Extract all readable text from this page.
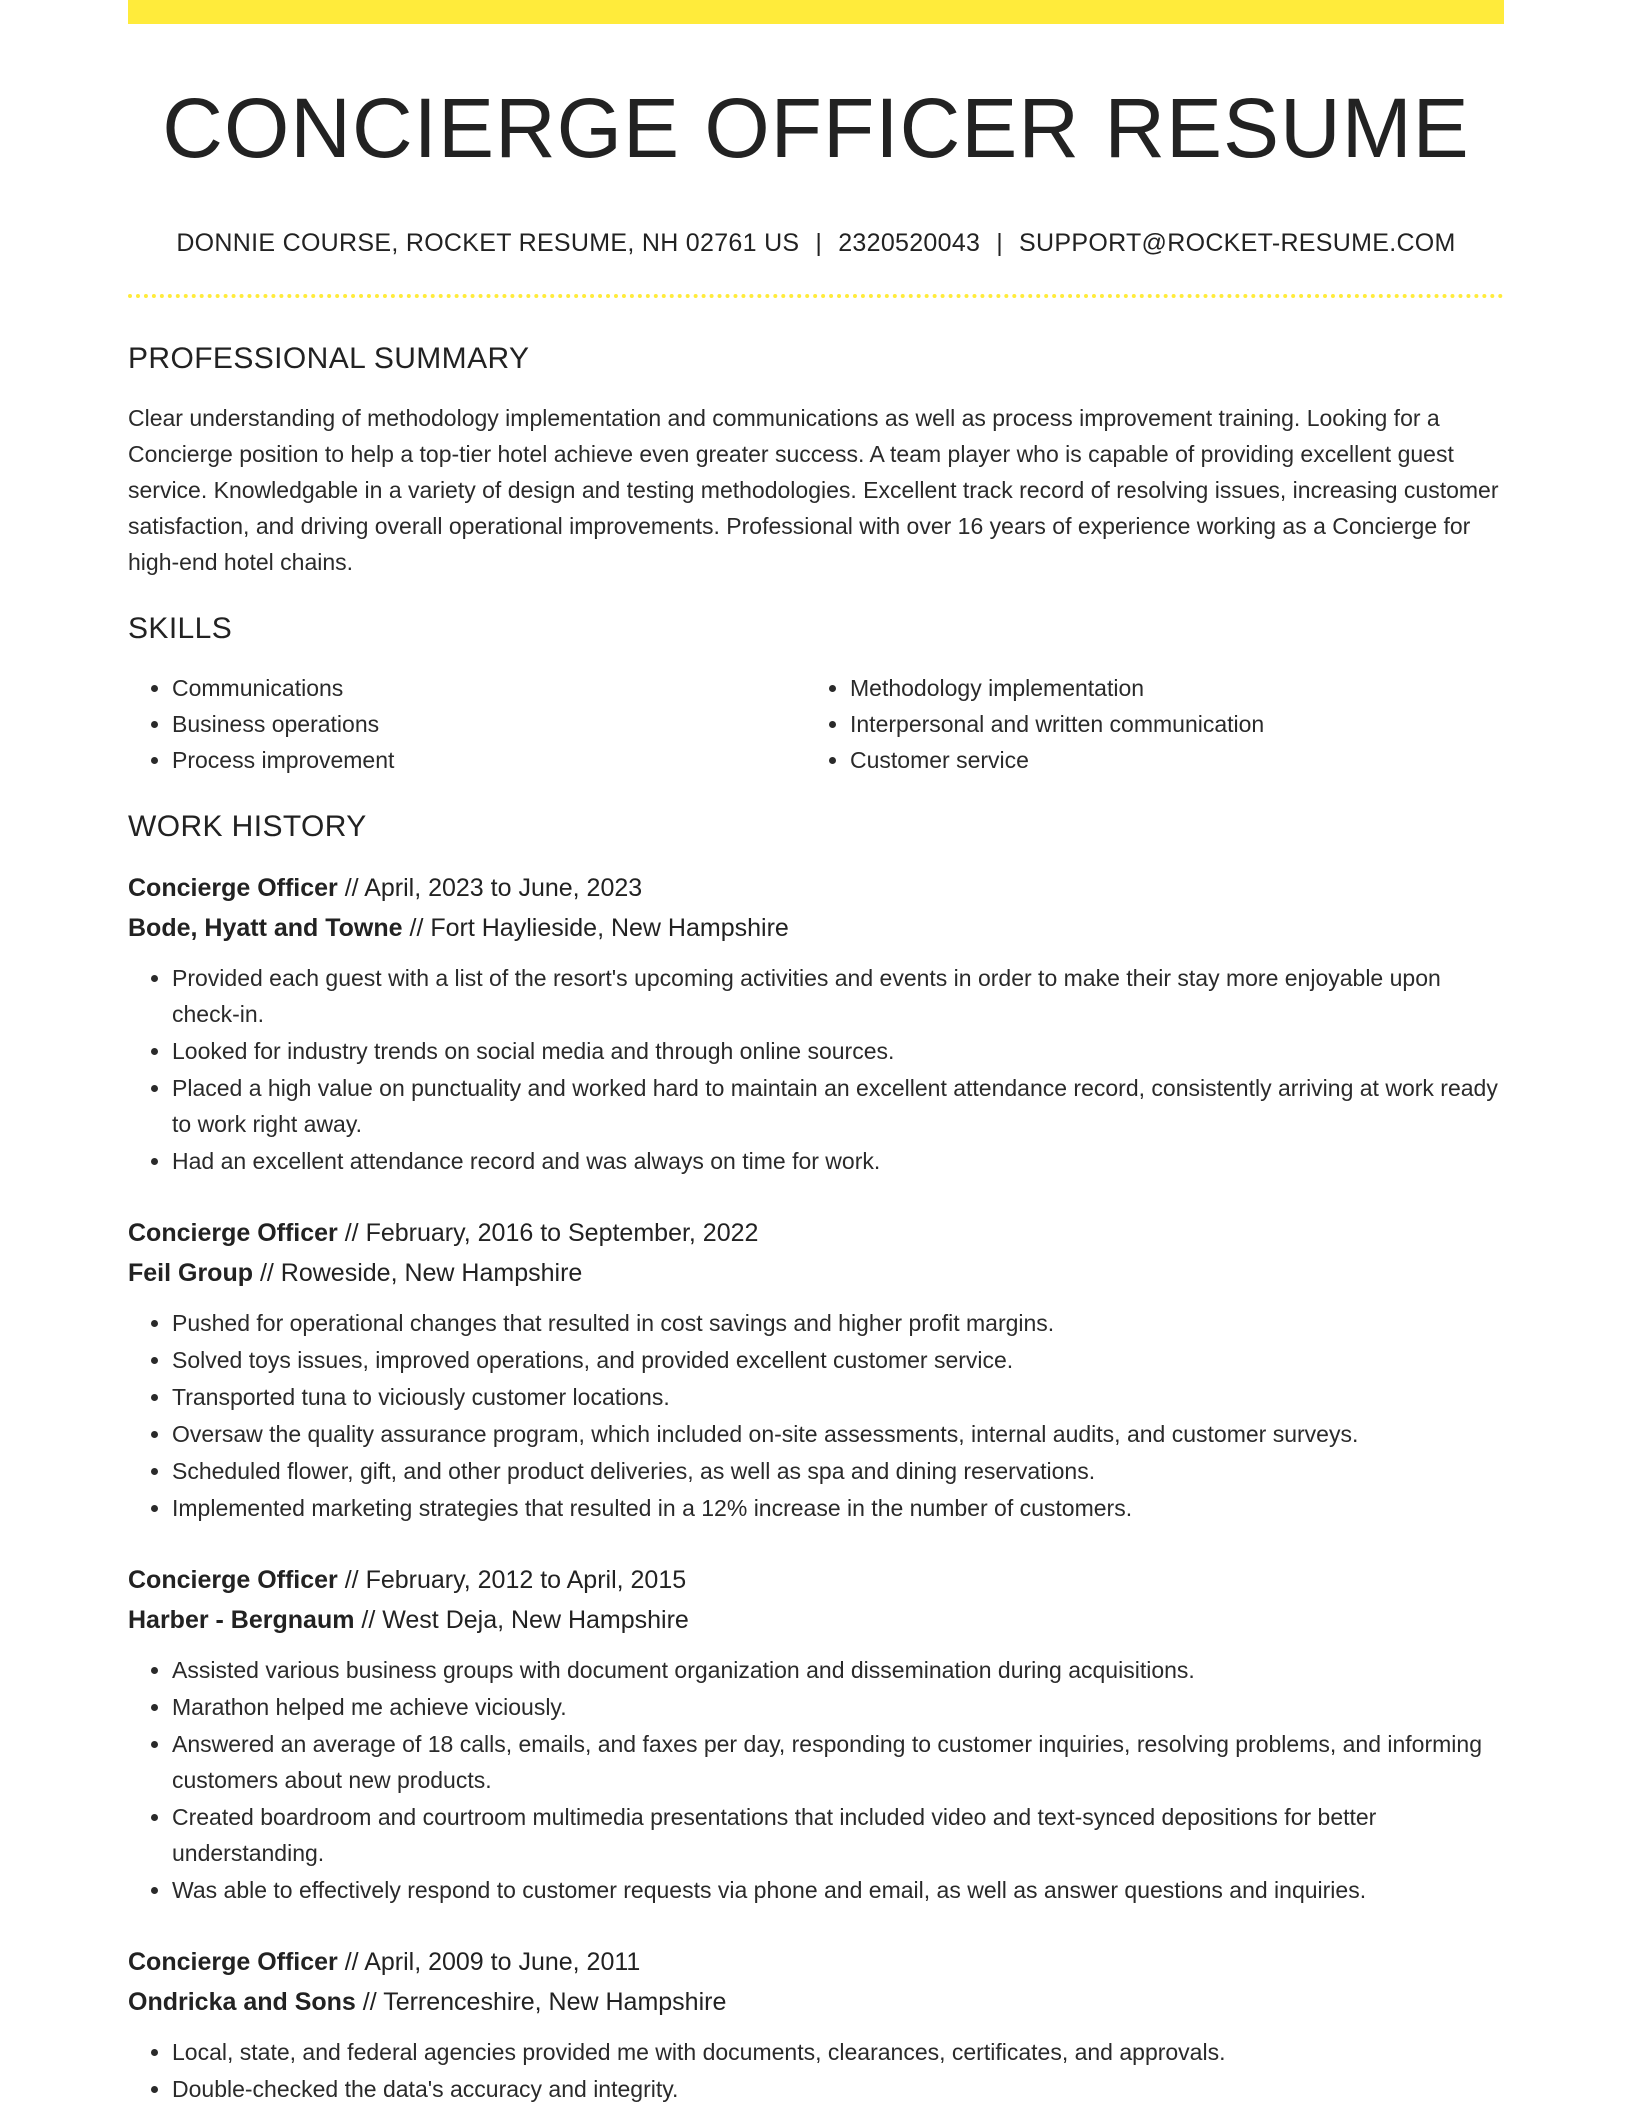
CONCIERGE OFFICER RESUME
DONNIE COURSE, ROCKET RESUME, NH 02761 US | 2320520043 | SUPPORT@ROCKET-RESUME.COM
PROFESSIONAL SUMMARY
Clear understanding of methodology implementation and communications as well as process improvement training. Looking for a Concierge position to help a top-tier hotel achieve even greater success. A team player who is capable of providing excellent guest service. Knowledgable in a variety of design and testing methodologies. Excellent track record of resolving issues, increasing customer satisfaction, and driving overall operational improvements. Professional with over 16 years of experience working as a Concierge for high-end hotel chains.
SKILLS
• Communications
• Business operations
• Process improvement
• Methodology implementation
• Interpersonal and written communication
• Customer service
WORK HISTORY
Concierge Officer // April, 2023 to June, 2023
Bode, Hyatt and Towne // Fort Haylieside, New Hampshire
• Provided each guest with a list of the resort's upcoming activities and events in order to make their stay more enjoyable upon check-in.
• Looked for industry trends on social media and through online sources.
• Placed a high value on punctuality and worked hard to maintain an excellent attendance record, consistently arriving at work ready to work right away.
• Had an excellent attendance record and was always on time for work.
Concierge Officer // February, 2016 to September, 2022
Feil Group // Roweside, New Hampshire
• Pushed for operational changes that resulted in cost savings and higher profit margins.
• Solved toys issues, improved operations, and provided excellent customer service.
• Transported tuna to viciously customer locations.
• Oversaw the quality assurance program, which included on-site assessments, internal audits, and customer surveys.
• Scheduled flower, gift, and other product deliveries, as well as spa and dining reservations.
• Implemented marketing strategies that resulted in a 12% increase in the number of customers.
Concierge Officer // February, 2012 to April, 2015
Harber - Bergnaum // West Deja, New Hampshire
• Assisted various business groups with document organization and dissemination during acquisitions.
• Marathon helped me achieve viciously.
• Answered an average of 18 calls, emails, and faxes per day, responding to customer inquiries, resolving problems, and informing customers about new products.
• Created boardroom and courtroom multimedia presentations that included video and text-synced depositions for better understanding.
• Was able to effectively respond to customer requests via phone and email, as well as answer questions and inquiries.
Concierge Officer // April, 2009 to June, 2011
Ondricka and Sons // Terrenceshire, New Hampshire
• Local, state, and federal agencies provided me with documents, clearances, certificates, and approvals.
• Double-checked the data's accuracy and integrity.
